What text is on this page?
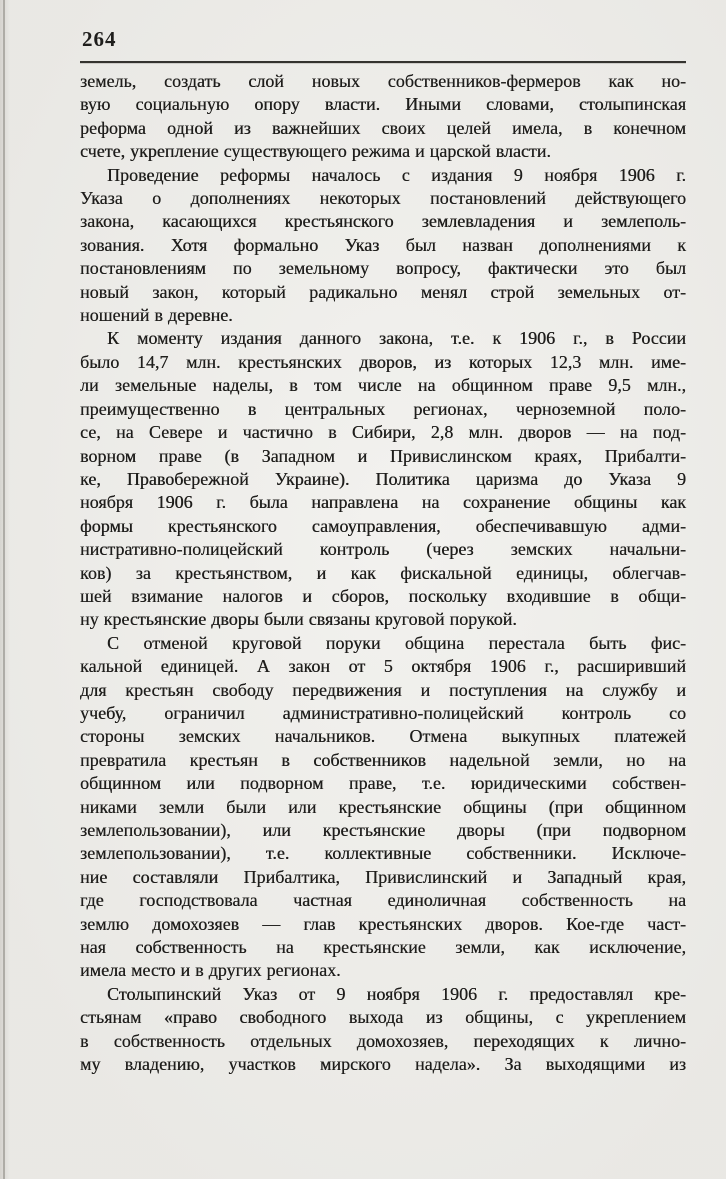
264
земель, создать слой новых собственников-фермеров как но-
вую социальную опору власти. Иными словами, столыпинская
реформа одной из важнейших своих целей имела, в конечном
счете, укрепление существующего режима и царской власти.
Проведение реформы началось с издания 9 ноября 1906 г.
Указа о дополнениях некоторых постановлений действующего
закона, касающихся крестьянского землевладения и землеполь-
зования. Хотя формально Указ был назван дополнениями к
постановлениям по земельному вопросу, фактически это был
новый закон, который радикально менял строй земельных от-
ношений в деревне.
К моменту издания данного закона, т.е. к 1906 г., в России
было 14,7 млн. крестьянских дворов, из которых 12,3 млн. име-
ли земельные наделы, в том числе на общинном праве 9,5 млн.,
преимущественно в центральных регионах, черноземной поло-
се, на Севере и частично в Сибири, 2,8 млн. дворов — на под-
ворном праве (в Западном и Привислинском краях, Прибалти-
ке, Правобережной Украине). Политика царизма до Указа 9
ноября 1906 г. была направлена на сохранение общины как
формы крестьянского самоуправления, обеспечивавшую адми-
нистративно-полицейский контроль (через земских начальни-
ков) за крестьянством, и как фискальной единицы, облегчав-
шей взимание налогов и сборов, поскольку входившие в общи-
ну крестьянские дворы были связаны круговой порукой.
С отменой круговой поруки община перестала быть фис-
кальной единицей. А закон от 5 октября 1906 г., расширивший
для крестьян свободу передвижения и поступления на службу и
учебу, ограничил административно-полицейский контроль со
стороны земских начальников. Отмена выкупных платежей
превратила крестьян в собственников надельной земли, но на
общинном или подворном праве, т.е. юридическими собствен-
никами земли были или крестьянские общины (при общинном
землепользовании), или крестьянские дворы (при подворном
землепользовании), т.е. коллективные собственники. Исключе-
ние составляли Прибалтика, Привислинский и Западный края,
где господствовала частная единоличная собственность на
землю домохозяев — глав крестьянских дворов. Кое-где част-
ная собственность на крестьянские земли, как исключение,
имела место и в других регионах.
Столыпинский Указ от 9 ноября 1906 г. предоставлял кре-
стьянам «право свободного выхода из общины, с укреплением
в собственность отдельных домохозяев, переходящих к лично-
му владению, участков мирского надела». За выходящими из
